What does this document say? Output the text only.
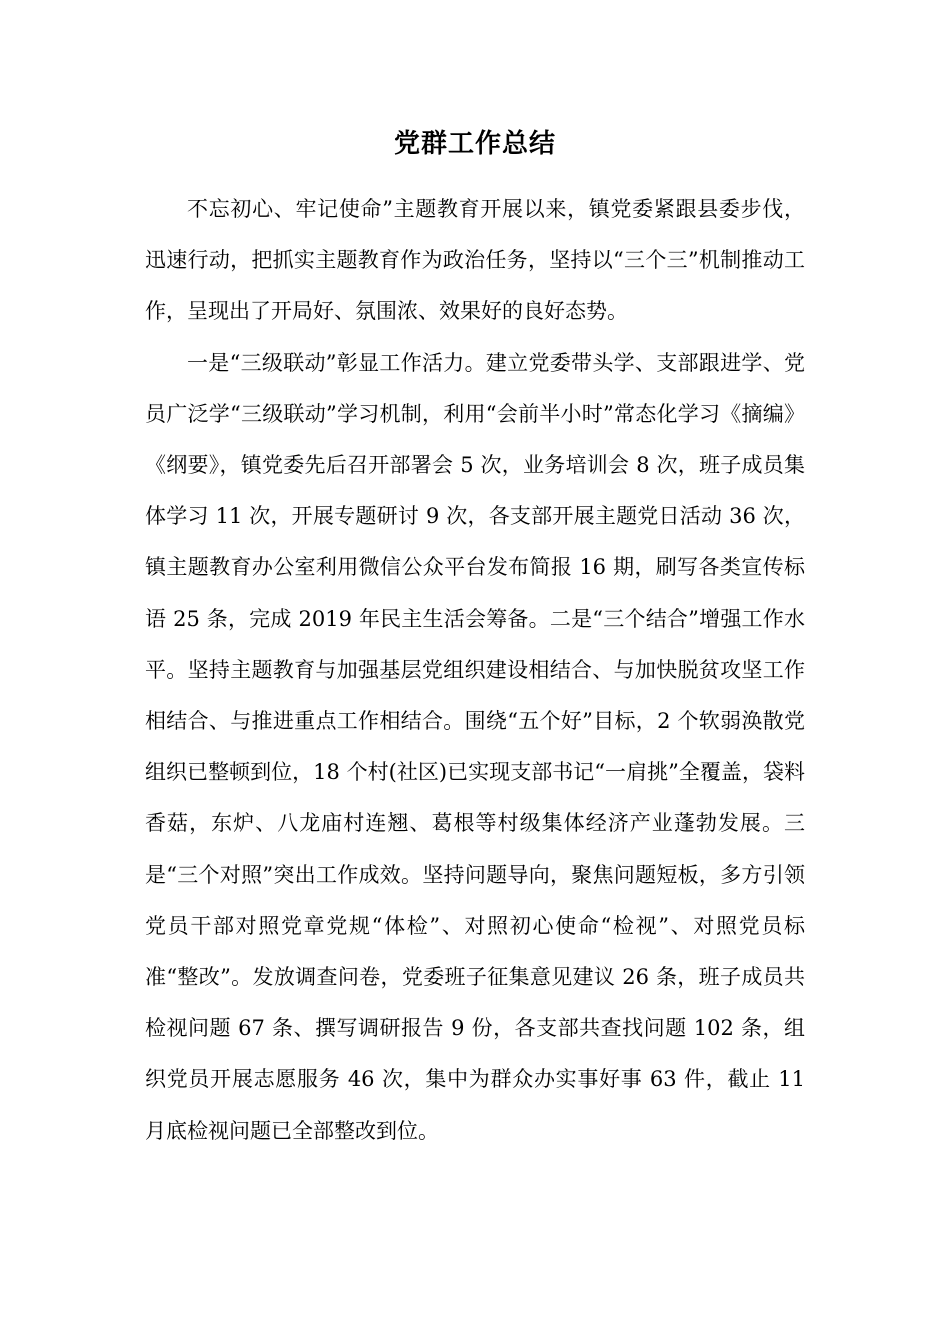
党群工作总结

不忘初心、牢记使命”主题教育开展以来，镇党委紧跟县委步伐，迅速行动，把抓实主题教育作为政治任务，坚持以“三个三”机制推动工作，呈现出了开局好、氛围浓、效果好的良好态势。

一是“三级联动”彰显工作活力。建立党委带头学、支部跟进学、党员广泛学“三级联动”学习机制，利用“会前半小时”常态化学习《摘编》《纲要》，镇党委先后召开部署会 5 次，业务培训会 8 次，班子成员集体学习 11 次，开展专题研讨 9 次，各支部开展主题党日活动 36 次，镇主题教育办公室利用微信公众平台发布简报 16 期，刷写各类宣传标语 25 条，完成 2019 年民主生活会筹备。二是“三个结合”增强工作水平。坚持主题教育与加强基层党组织建设相结合、与加快脱贫攻坚工作相结合、与推进重点工作相结合。围绕“五个好”目标，2 个软弱涣散党组织已整顿到位，18 个村(社区)已实现支部书记“一肩挑”全覆盖，袋料香菇，东炉、八龙庙村连翘、葛根等村级集体经济产业蓬勃发展。三是“三个对照”突出工作成效。坚持问题导向，聚焦问题短板，多方引领党员干部对照党章党规“体检”、对照初心使命“检视”、对照党员标准“整改”。发放调查问卷，党委班子征集意见建议 26 条，班子成员共检视问题 67 条、撰写调研报告 9 份，各支部共查找问题 102 条，组织党员开展志愿服务 46 次，集中为群众办实事好事 63 件，截止 11 月底检视问题已全部整改到位。
